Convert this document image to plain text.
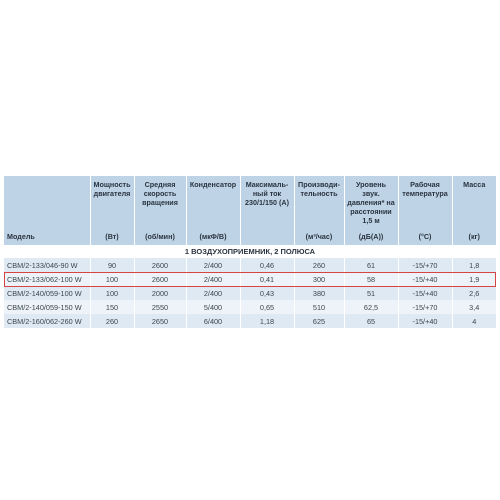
	Мощность двигателя	Средняя скорость вращения	Конденсатор	Максималь-ный ток 230/1/150 (А)	Производи-тельность	Уровень звук. давления* на расстоянии 1,5 м	Рабочая температура	Масса
Модель	(Вт)	(об/мин)	(мкФ/В)		(м³/час)	(дБ(А))	(°C)	(кг)
1 ВОЗДУХОПРИЕМНИК, 2 ПОЛЮСА								
CBM/2-133/046-90 W	90	2600	2/400	0,46	260	61	-15/+70	1,8
CBM/2-133/062-100 W	100	2600	2/400	0,41	300	58	-15/+40	1,9
CBM/2-140/059-100 W	100	2000	2/400	0,43	380	51	-15/+40	2,6
CBM/2-140/059-150 W	150	2550	5/400	0,65	510	62,5	-15/+70	3,4
CBM/2-160/062-260 W	260	2650	6/400	1,18	625	65	-15/+40	4
